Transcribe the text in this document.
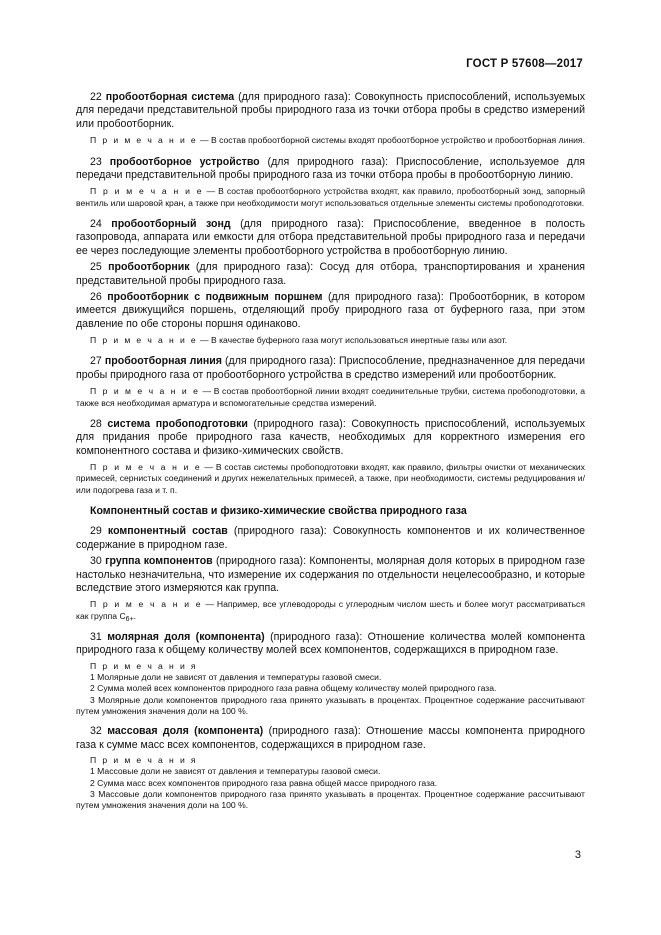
ГОСТ Р 57608—2017

22 пробоотборная система (для природного газа): Совокупность приспособлений, используемых для передачи представительной пробы природного газа из точки отбора пробы в средство измерений или пробоотборник.

П р и м е ч а н и е — В состав пробоотборной системы входят пробоотборное устройство и пробоотборная линия.

23 пробоотборное устройство (для природного газа): Приспособление, используемое для передачи представительной пробы природного газа из точки отбора пробы в пробоотборную линию.

П р и м е ч а н и е — В состав пробоотборного устройства входят, как правило, пробоотборный зонд, запорный вентиль или шаровой кран, а также при необходимости могут использоваться отдельные элементы системы пробоподготовки.

24 пробоотборный зонд (для природного газа): Приспособление, введенное в полость газопровода, аппарата или емкости для отбора представительной пробы природного газа и передачи ее через последующие элементы пробоотборного устройства в пробоотборную линию.

25 пробоотборник (для природного газа): Сосуд для отбора, транспортирования и хранения представительной пробы природного газа.

26 пробоотборник с подвижным поршнем (для природного газа): Пробоотборник, в котором имеется движущийся поршень, отделяющий пробу природного газа от буферного газа, при этом давление по обе стороны поршня одинаково.

П р и м е ч а н и е — В качестве буферного газа могут использоваться инертные газы или азот.

27 пробоотборная линия (для природного газа): Приспособление, предназначенное для передачи пробы природного газа от пробоотборного устройства в средство измерений или пробоотборник.

П р и м е ч а н и е — В состав пробоотборной линии входят соединительные трубки, система пробоподготовки, а также вся необходимая арматура и вспомогательные средства измерений.

28 система пробоподготовки (природного газа): Совокупность приспособлений, используемых для придания пробе природного газа качеств, необходимых для корректного измерения его компонентного состава и физико-химических свойств.

П р и м е ч а н и е — В состав системы пробоподготовки входят, как правило, фильтры очистки от механических примесей, сернистых соединений и других нежелательных примесей, а также, при необходимости, системы редуцирования и/или подогрева газа и т. п.

Компонентный состав и физико-химические свойства природного газа

29 компонентный состав (природного газа): Совокупность компонентов и их количественное содержание в природном газе.

30 группа компонентов (природного газа): Компоненты, молярная доля которых в природном газе настолько незначительна, что измерение их содержания по отдельности нецелесообразно, и которые вследствие этого измеряются как группа.

П р и м е ч а н и е — Например, все углеводороды с углеродным числом шесть и более могут рассматриваться как группа $C_{6+}$.

31 молярная доля (компонента) (природного газа): Отношение количества молей компонента природного газа к общему количеству молей всех компонентов, содержащихся в природном газе.

П р и м е ч а н и я

1 Молярные доли не зависят от давления и температуры газовой смеси.

2 Сумма молей всех компонентов природного газа равна общему количеству молей природного газа.

3 Молярные доли компонентов природного газа принято указывать в процентах. Процентное содержание рассчитывают путем умножения значения доли на 100 %.

32 массовая доля (компонента) (природного газа): Отношение массы компонента природного газа к сумме масс всех компонентов, содержащихся в природном газе.

П р и м е ч а н и я

1 Массовые доли не зависят от давления и температуры газовой смеси.

2 Сумма масс всех компонентов природного газа равна общей массе природного газа.

3 Массовые доли компонентов природного газа принято указывать в процентах. Процентное содержание рассчитывают путем умножения значения доли на 100 %.

3
